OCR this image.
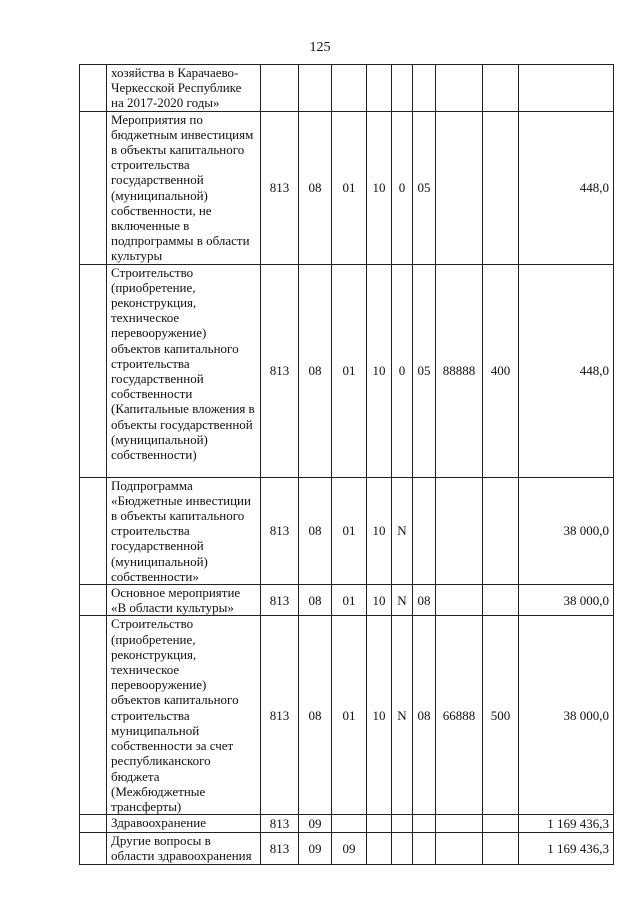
125
	хозяйства в Карачаево-Черкесской Республике на 2017-2020 годы»									
	Мероприятия по бюджетным инвестициям в объекты капитального строительства государственной (муниципальной) собственности, не включенные в подпрограммы в области культуры	813	08	01	10	0	05			448,0
	Строительство (приобретение, реконструкция, техническое перевооружение) объектов капитального строительства государственной собственности (Капитальные вложения в объекты государственной (муниципальной) собственности)	813	08	01	10	0	05	88888	400	448,0
	Подпрограмма «Бюджетные инвестиции в объекты капитального строительства государственной (муниципальной) собственности»	813	08	01	10	N				38 000,0
	Основное мероприятие «В области культуры»	813	08	01	10	N	08			38 000,0
	Строительство (приобретение, реконструкция, техническое перевооружение) объектов капитального строительства муниципальной собственности за счет республиканского бюджета (Межбюджетные трансферты)	813	08	01	10	N	08	66888	500	38 000,0
	Здравоохранение	813	09							1 169 436,3
	Другие вопросы в области здравоохранения	813	09	09						1 169 436,3
